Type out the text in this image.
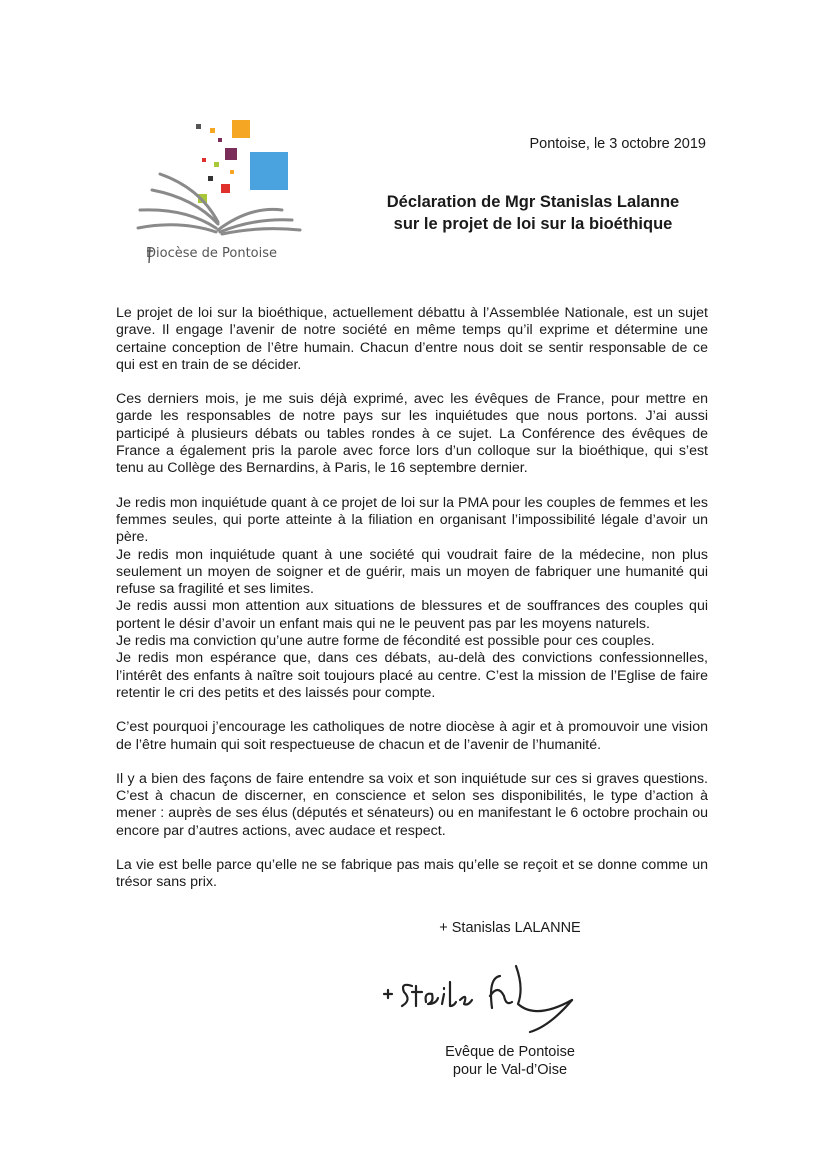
Diocèse de Pontoise
Pontoise, le 3 octobre 2019
Déclaration de Mgr Stanislas Lalanne
sur le projet de loi sur la bioéthique

Le projet de loi sur la bioéthique, actuellement débattu à l’Assemblée Nationale, est un sujet grave. Il engage l’avenir de notre société en même temps qu’il exprime et détermine une certaine conception de l’être humain. Chacun d’entre nous doit se sentir responsable de ce qui est en train de se décider.

Ces derniers mois, je me suis déjà exprimé, avec les évêques de France, pour mettre en garde les responsables de notre pays sur les inquiétudes que nous portons. J’ai aussi participé à plusieurs débats ou tables rondes à ce sujet. La Conférence des évêques de France a également pris la parole avec force lors d’un colloque sur la bioéthique, qui s’est tenu au Collège des Bernardins, à Paris, le 16 septembre dernier.

Je redis mon inquiétude quant à ce projet de loi sur la PMA pour les couples de femmes et les femmes seules, qui porte atteinte à la filiation en organisant l’impossibilité légale d’avoir un père.

Je redis mon inquiétude quant à une société qui voudrait faire de la médecine, non plus seulement un moyen de soigner et de guérir, mais un moyen de fabriquer une humanité qui refuse sa fragilité et ses limites.

Je redis aussi mon attention aux situations de blessures et de souffrances des couples qui portent le désir d’avoir un enfant mais qui ne le peuvent pas par les moyens naturels.

Je redis ma conviction qu’une autre forme de fécondité est possible pour ces couples.

Je redis mon espérance que, dans ces débats, au-delà des convictions confessionnelles, l’intérêt des enfants à naître soit toujours placé au centre. C’est la mission de l’Eglise de faire retentir le cri des petits et des laissés pour compte.

C’est pourquoi j’encourage les catholiques de notre diocèse à agir et à promouvoir une vision de l’être humain qui soit respectueuse de chacun et de l’avenir de l’humanité.

Il y a bien des façons de faire entendre sa voix et son inquiétude sur ces si graves questions. C’est à chacun de discerner, en conscience et selon ses disponibilités, le type d’action à mener : auprès de ses élus (députés et sénateurs) ou en manifestant le 6 octobre prochain ou encore par d’autres actions, avec audace et respect.

La vie est belle parce qu’elle ne se fabrique pas mais qu’elle se reçoit et se donne comme un trésor sans prix.

+ Stanislas LALANNE
Evêque de Pontoise
pour le Val-d’Oise
